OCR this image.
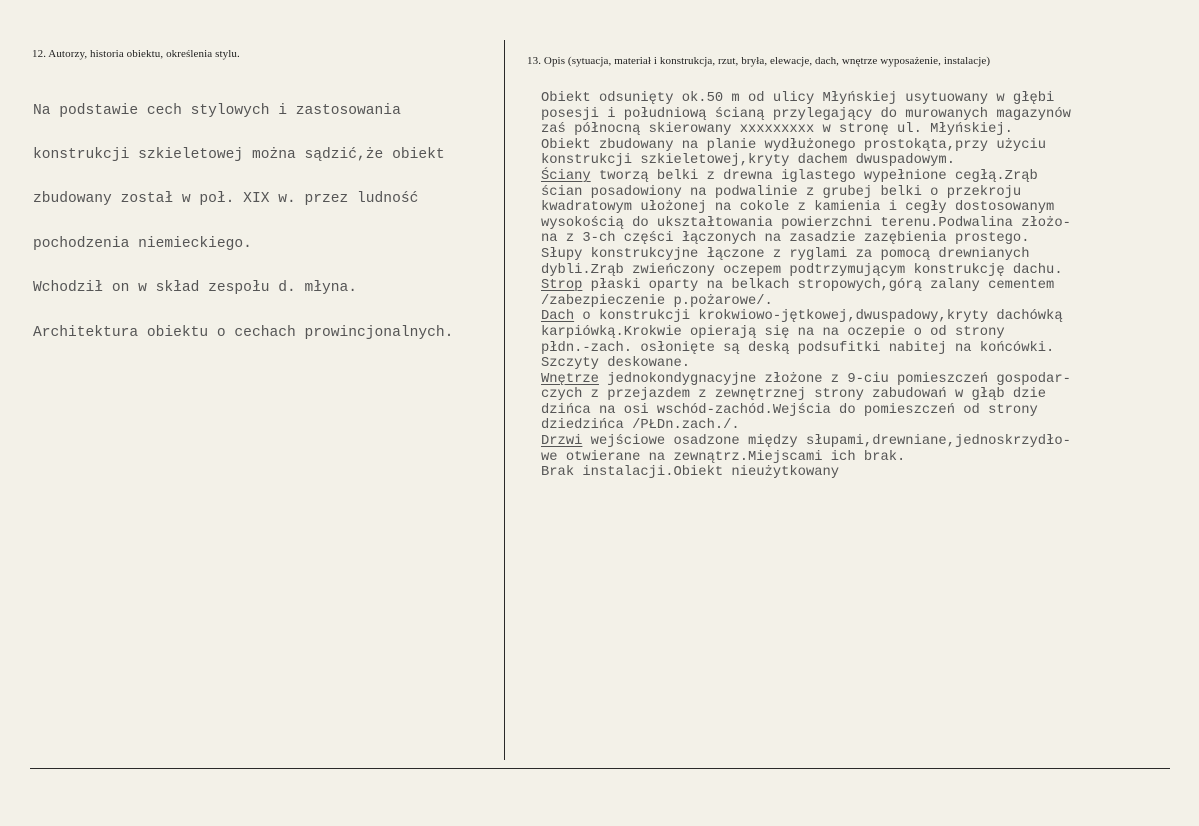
12. Autorzy, historia obiektu, określenia stylu.
13. Opis (sytuacja, materiał i konstrukcja, rzut, bryła, elewacje, dach, wnętrze wyposażenie, instalacje)

Na podstawie cech stylowych i zastosowania

konstrukcji szkieletowej można sądzić,że obiekt

zbudowany został w poł. XIX w. przez ludność

pochodzenia niemieckiego.

Wchodził on w skład zespołu d. młyna.

Architektura obiektu o cechach prowincjonalnych.

Obiekt odsunięty ok.50 m od ulicy Młyńskiej usytuowany w głębi
posesji i południową ścianą przylegający do murowanych magazynów
zaś północną skierowany xxxxxxxxx w stronę ul. Młyńskiej.
Obiekt zbudowany na planie wydłużonego prostokąta,przy użyciu
konstrukcji szkieletowej,kryty dachem dwuspadowym.
Ściany tworzą belki z drewna iglastego wypełnione cegłą.Zrąb
ścian posadowiony na podwalinie z grubej belki o przekroju
kwadratowym ułożonej na cokole z kamienia i cegły dostosowanym
wysokością do ukształtowania powierzchni terenu.Podwalina złożo-
na z 3-ch części łączonych na zasadzie zazębienia prostego.
Słupy konstrukcyjne łączone z ryglami za pomocą drewnianych
dybli.Zrąb zwieńczony oczepem podtrzymującym konstrukcję dachu.
Strop płaski oparty na belkach stropowych,górą zalany cementem
/zabezpieczenie p.pożarowe/.
Dach o konstrukcji krokwiowo-jętkowej,dwuspadowy,kryty dachówką
karpiówką.Krokwie opierają się na na oczepie o od strony
płdn.-zach. osłonięte są deską podsufitki nabitej na końcówki.
Szczyty deskowane.
Wnętrze jednokondygnacyjne złożone z 9-ciu pomieszczeń gospodar-
czych z przejazdem z zewnętrznej strony zabudowań w głąb dzie
dzińca na osi wschód-zachód.Wejścia do pomieszczeń od strony
dziedzińca /PŁDn.zach./.
Drzwi wejściowe osadzone między słupami,drewniane,jednoskrzydło-
we otwierane na zewnątrz.Miejscami ich brak.
Brak instalacji.Obiekt nieużytkowany
